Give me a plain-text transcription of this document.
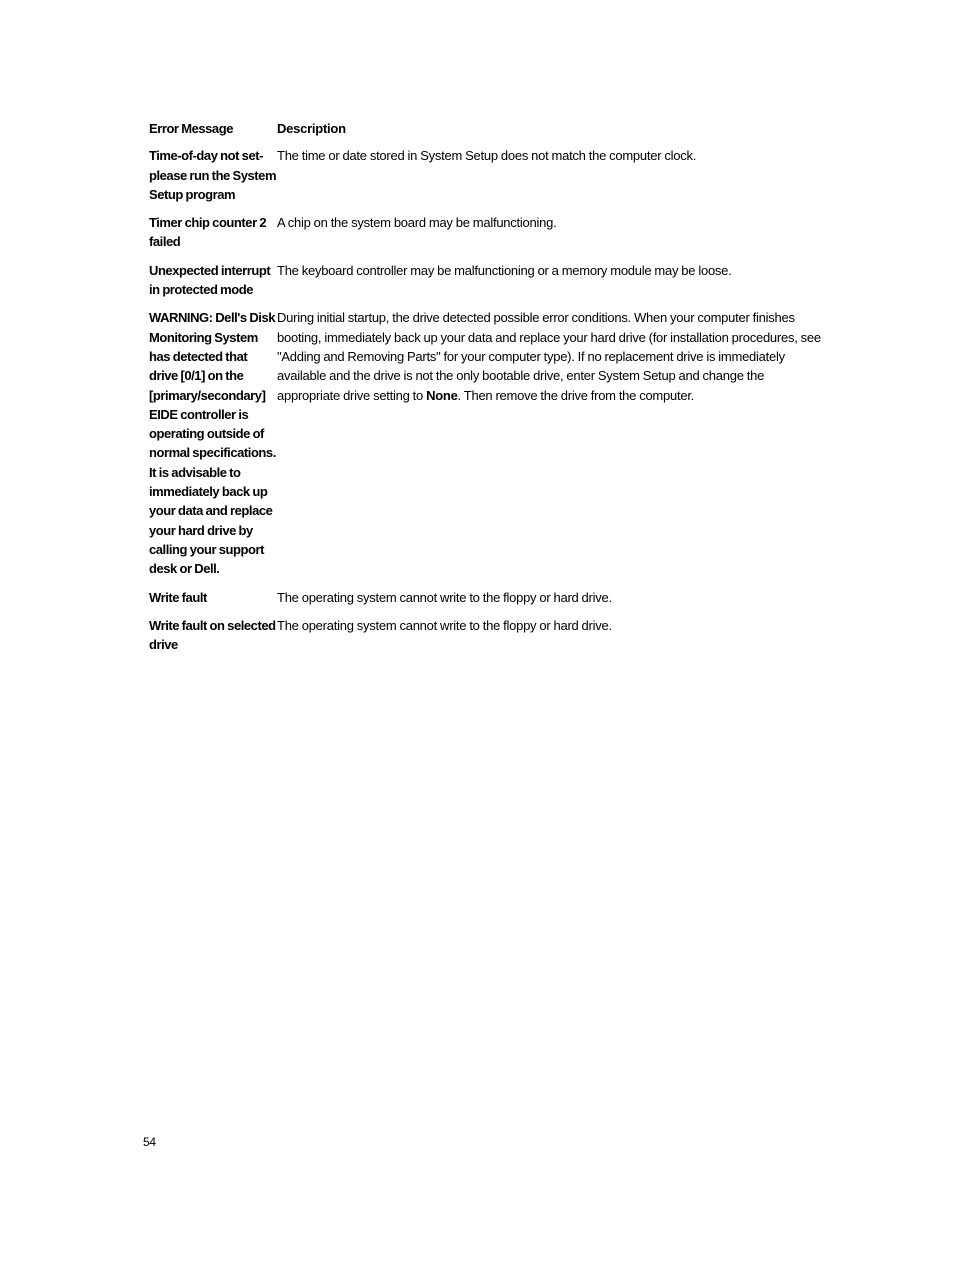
Error Message	Description
Time-of-day not set-please run the System Setup program
The time or date stored in System Setup does not match the computer clock.
Timer chip counter 2 failed
A chip on the system board may be malfunctioning.
Unexpected interrupt in protected mode
The keyboard controller may be malfunctioning or a memory module may be loose.
WARNING: Dell's Disk Monitoring System has detected that drive [0/1] on the [primary/secondary] EIDE controller is operating outside of normal specifications. It is advisable to immediately back up your data and replace your hard drive by calling your support desk or Dell.
During initial startup, the drive detected possible error conditions. When your computer finishes booting, immediately back up your data and replace your hard drive (for installation procedures, see "Adding and Removing Parts" for your computer type). If no replacement drive is immediately available and the drive is not the only bootable drive, enter System Setup and change the appropriate drive setting to None. Then remove the drive from the computer.
Write fault	The operating system cannot write to the floppy or hard drive.
Write fault on selected drive
The operating system cannot write to the floppy or hard drive.
54
